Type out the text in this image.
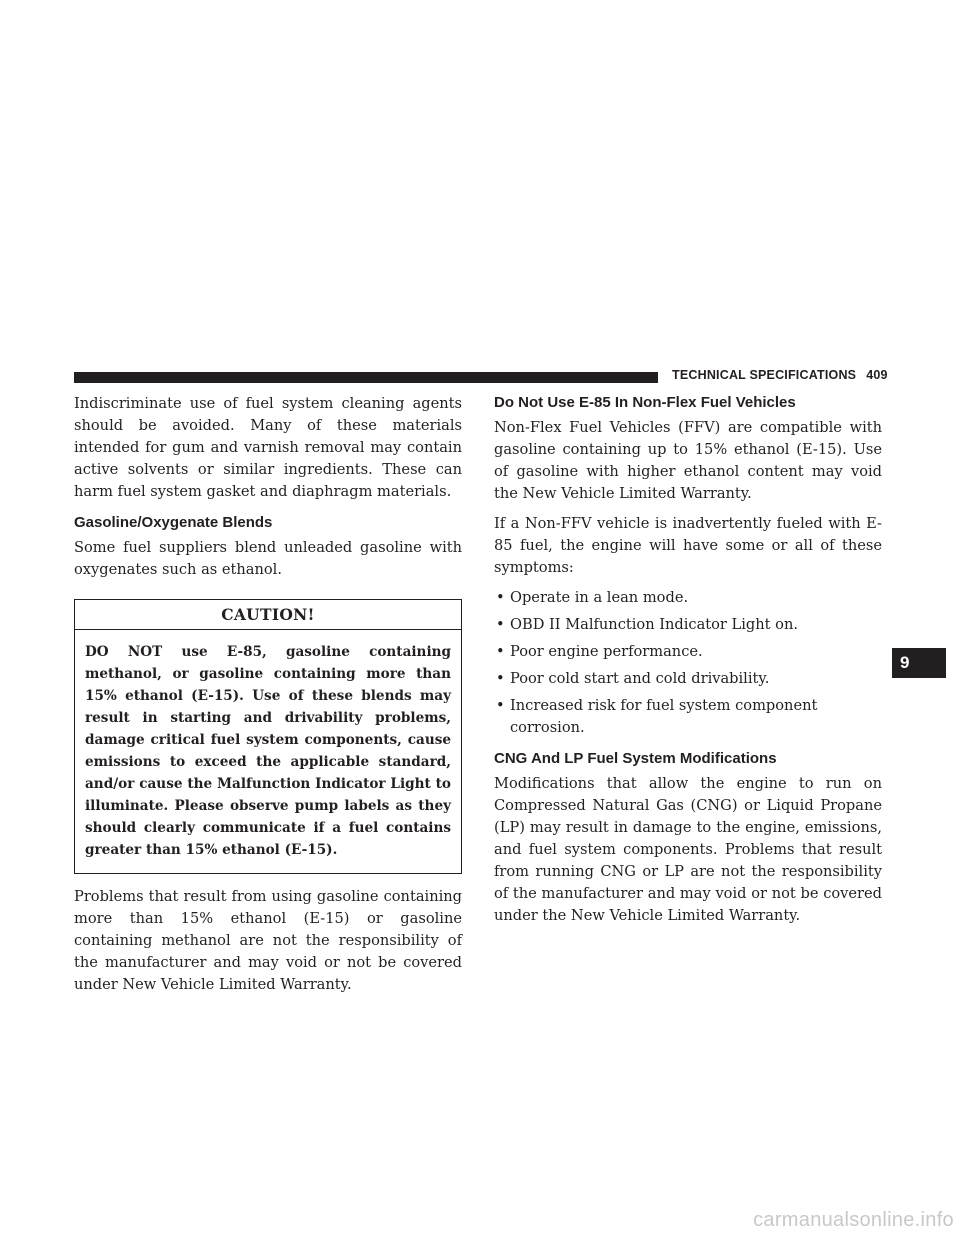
TECHNICAL SPECIFICATIONS 409

Indiscriminate use of fuel system cleaning agents should be avoided. Many of these materials intended for gum and varnish removal may contain active solvents or similar ingredients. These can harm fuel system gasket and diaphragm materials.

Gasoline/Oxygenate Blends

Some fuel suppliers blend unleaded gasoline with oxygenates such as ethanol.

CAUTION!
DO NOT use E-85, gasoline containing methanol, or gasoline containing more than 15% ethanol (E-15). Use of these blends may result in starting and drivability problems, damage critical fuel system components, cause emissions to exceed the applicable standard, and/or cause the Malfunction Indicator Light to illuminate. Please observe pump labels as they should clearly communicate if a fuel contains greater than 15% ethanol (E-15).

Problems that result from using gasoline containing more than 15% ethanol (E-15) or gasoline containing methanol are not the responsibility of the manufacturer and may void or not be covered under New Vehicle Limited Warranty.

Do Not Use E-85 In Non-Flex Fuel Vehicles

Non-Flex Fuel Vehicles (FFV) are compatible with gasoline containing up to 15% ethanol (E-15). Use of gasoline with higher ethanol content may void the New Vehicle Limited Warranty.

If a Non-FFV vehicle is inadvertently fueled with E-85 fuel, the engine will have some or all of these symptoms:

• Operate in a lean mode.
• OBD II Malfunction Indicator Light on.
• Poor engine performance.
• Poor cold start and cold drivability.
• Increased risk for fuel system component corrosion.
CNG And LP Fuel System Modifications

Modifications that allow the engine to run on Compressed Natural Gas (CNG) or Liquid Propane (LP) may result in damage to the engine, emissions, and fuel system components. Problems that result from running CNG or LP are not the responsibility of the manufacturer and may void or not be covered under the New Vehicle Limited Warranty.

9
carmanualsonline.info
